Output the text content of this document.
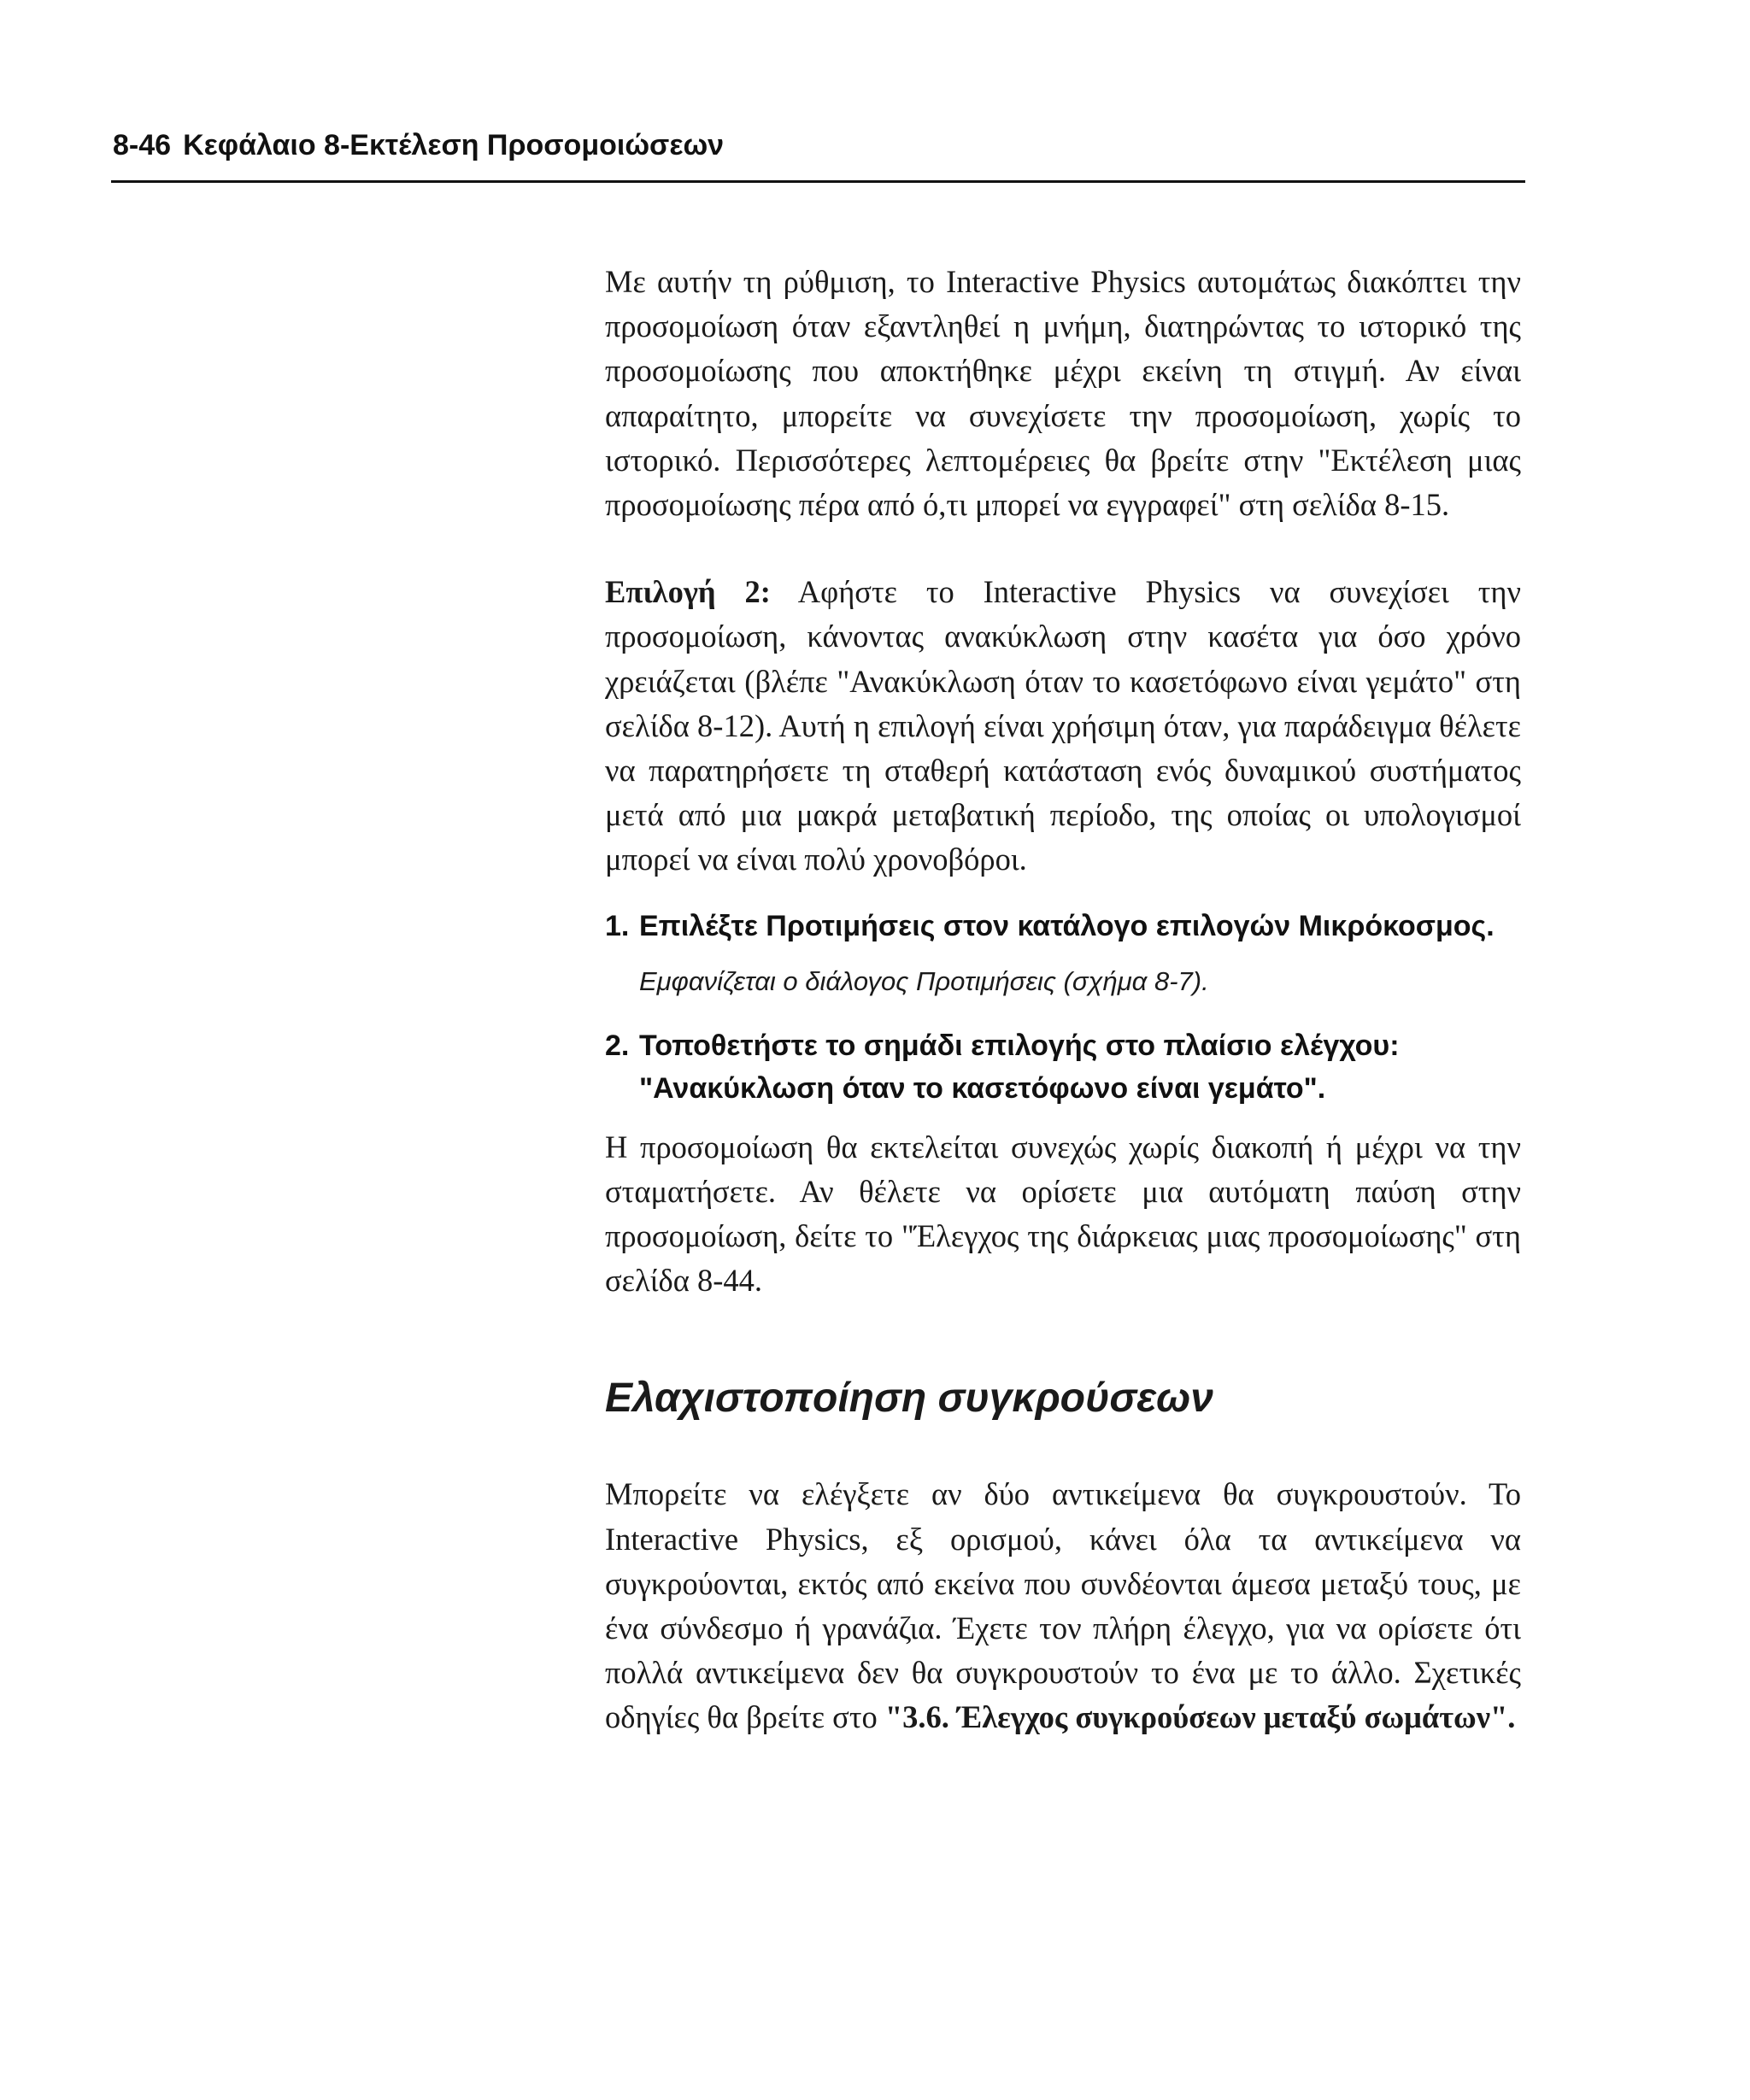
8-46 Κεφάλαιο 8-Εκτέλεση Προσομοιώσεων

Με αυτήν τη ρύθμιση, το Interactive Physics αυτομάτως διακόπτει την προσομοίωση όταν εξαντληθεί η μνήμη, διατηρώντας το ιστορικό της προσομοίωσης που αποκτήθηκε μέχρι εκείνη τη στιγμή. Αν είναι απαραίτητο, μπορείτε να συνεχίσετε την προσομοίωση, χωρίς το ιστορικό. Περισσότερες λεπτομέρειες θα βρείτε στην "Εκτέλεση μιας προσομοίωσης πέρα από ό,τι μπορεί να εγγραφεί" στη σελίδα 8-15.

Επιλογή 2: Αφήστε το Interactive Physics να συνεχίσει την προσομοίωση, κάνοντας ανακύκλωση στην κασέτα για όσο χρόνο χρειάζεται (βλέπε "Ανακύκλωση όταν το κασετόφωνο είναι γεμάτο" στη σελίδα 8-12). Αυτή η επιλογή είναι χρήσιμη όταν, για παράδειγμα θέλετε να παρατηρήσετε τη σταθερή κατάσταση ενός δυναμικού συστήματος μετά από μια μακρά μεταβατική περίοδο, της οποίας οι υπολογισμοί μπορεί να είναι πολύ χρονοβόροι.

1. Επιλέξτε Προτιμήσεις στον κατάλογο επιλογών Μικρόκοσμος.

Εμφανίζεται ο διάλογος Προτιμήσεις (σχήμα 8-7).

2. Τοποθετήστε το σημάδι επιλογής στο πλαίσιο ελέγχου: "Ανακύκλωση όταν το κασετόφωνο είναι γεμάτο".

Η προσομοίωση θα εκτελείται συνεχώς χωρίς διακοπή ή μέχρι να την σταματήσετε. Αν θέλετε να ορίσετε μια αυτόματη παύση στην προσομοίωση, δείτε το "Έλεγχος της διάρκειας μιας προσομοίωσης" στη σελίδα 8-44.

Ελαχιστοποίηση συγκρούσεων

Μπορείτε να ελέγξετε αν δύο αντικείμενα θα συγκρουστούν. Το Interactive Physics, εξ ορισμού, κάνει όλα τα αντικείμενα να συγκρούονται, εκτός από εκείνα που συνδέονται άμεσα μεταξύ τους, με ένα σύνδεσμο ή γρανάζια. Έχετε τον πλήρη έλεγχο, για να ορίσετε ότι πολλά αντικείμενα δεν θα συγκρουστούν το ένα με το άλλο. Σχετικές οδηγίες θα βρείτε στο "3.6. Έλεγχος συγκρούσεων μεταξύ σωμάτων".
